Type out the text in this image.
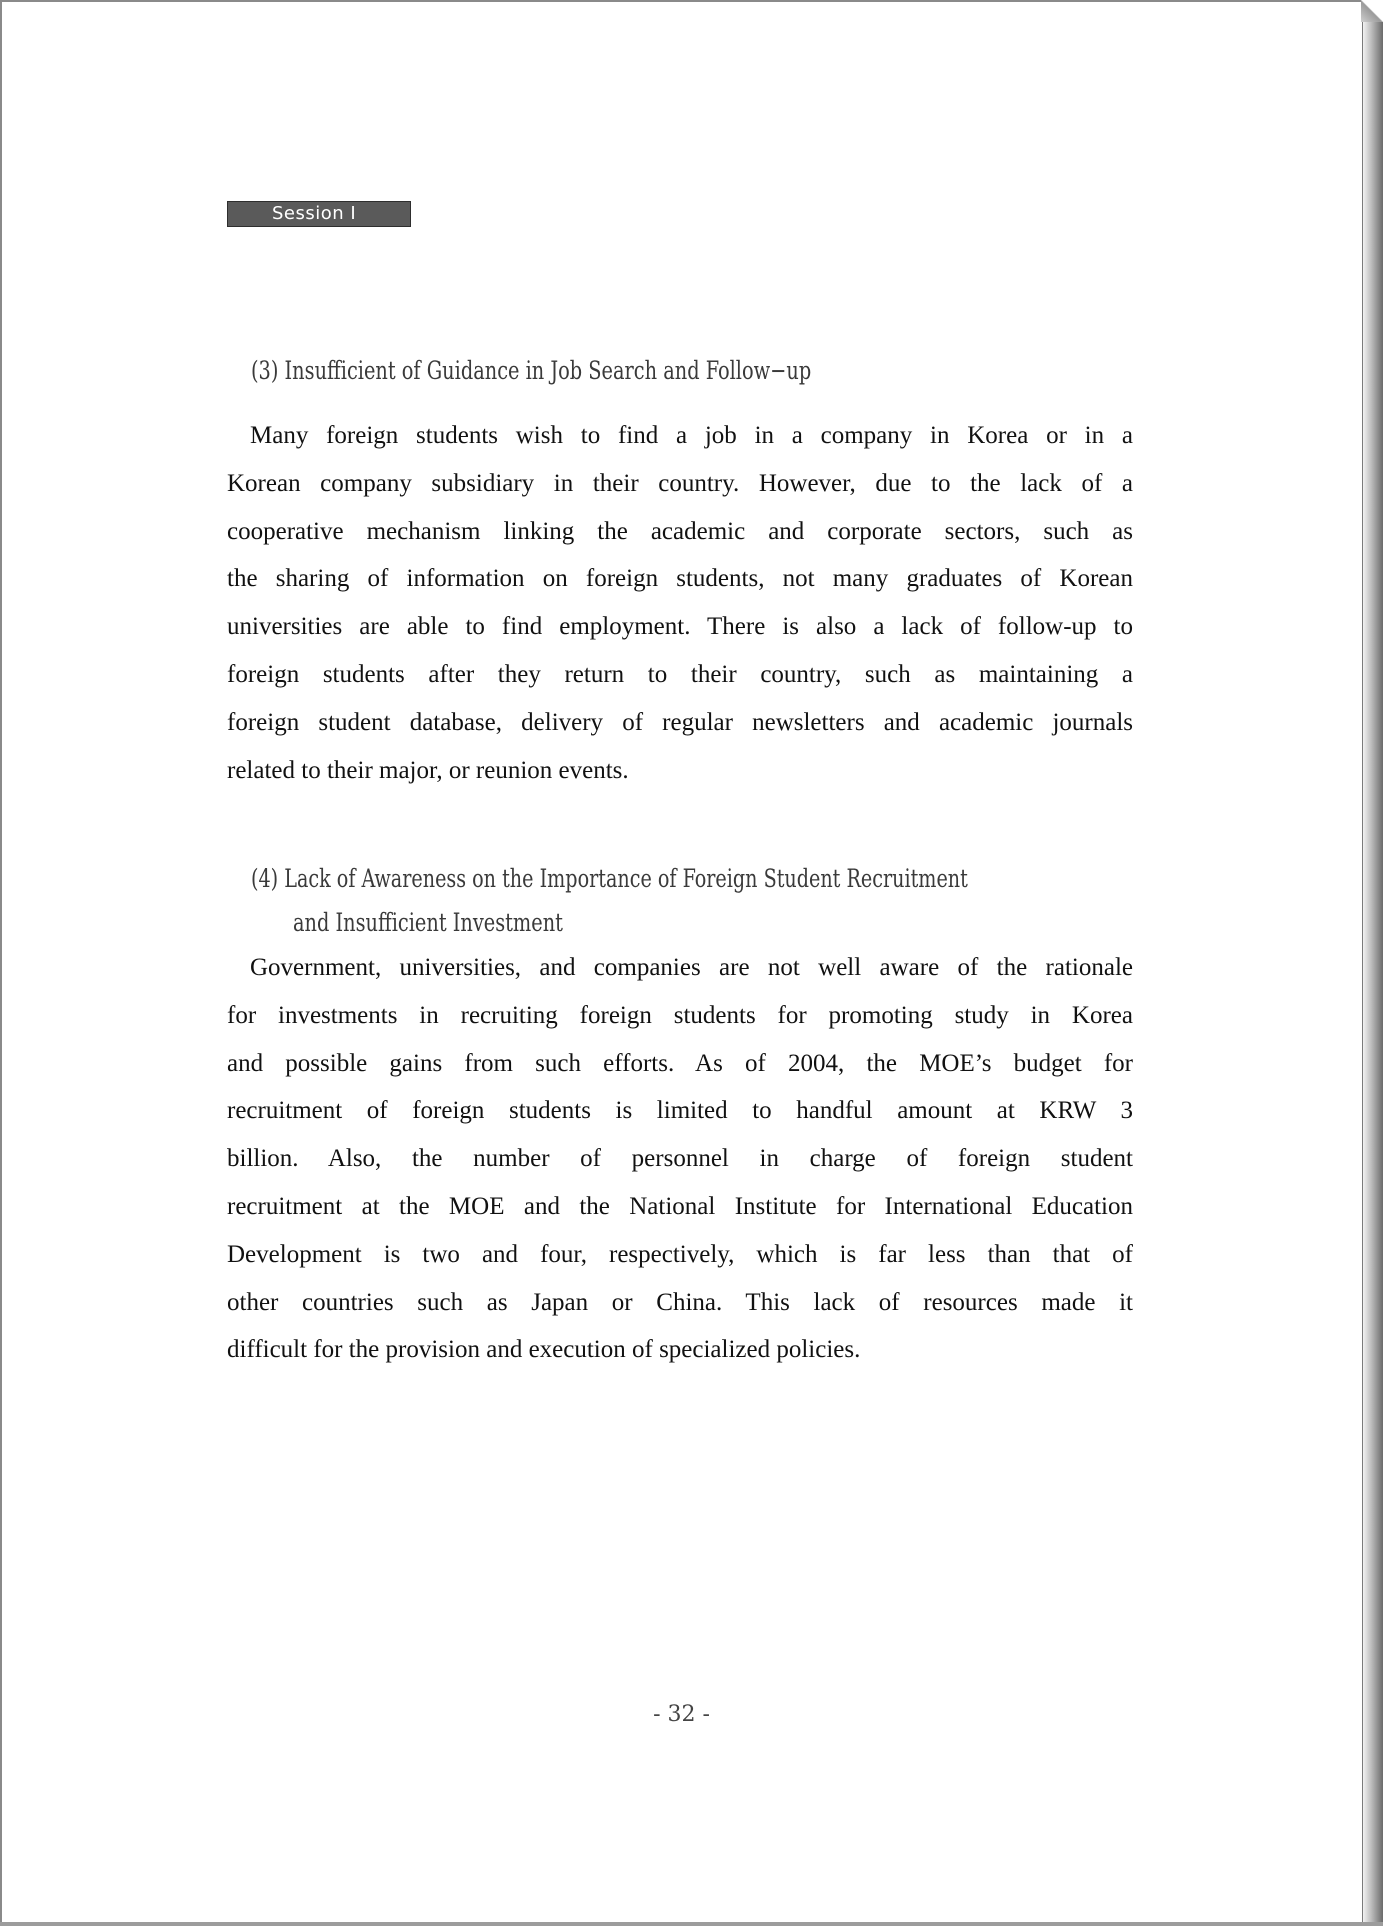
Session Ⅰ
(3) Insufficient of Guidance in Job Search and Follow−up
Many foreign students wish to find a job in a company in Korea or in a
Korean company subsidiary in their country. However, due to the lack of a
cooperative mechanism linking the academic and corporate sectors, such as
the sharing of information on foreign students, not many graduates of Korean
universities are able to find employment. There is also a lack of follow-up to
foreign students after they return to their country, such as maintaining a
foreign student database, delivery of regular newsletters and academic journals
related to their major, or reunion events.
(4) Lack of Awareness on the Importance of Foreign Student Recruitment
and Insufficient Investment
Government, universities, and companies are not well aware of the rationale
for investments in recruiting foreign students for promoting study in Korea
and possible gains from such efforts. As of 2004, the MOE’s budget for
recruitment of foreign students is limited to handful amount at KRW 3
billion. Also, the number of personnel in charge of foreign student
recruitment at the MOE and the National Institute for International Education
Development is two and four, respectively, which is far less than that of
other countries such as Japan or China. This lack of resources made it
difficult for the provision and execution of specialized policies.
- 32 -
